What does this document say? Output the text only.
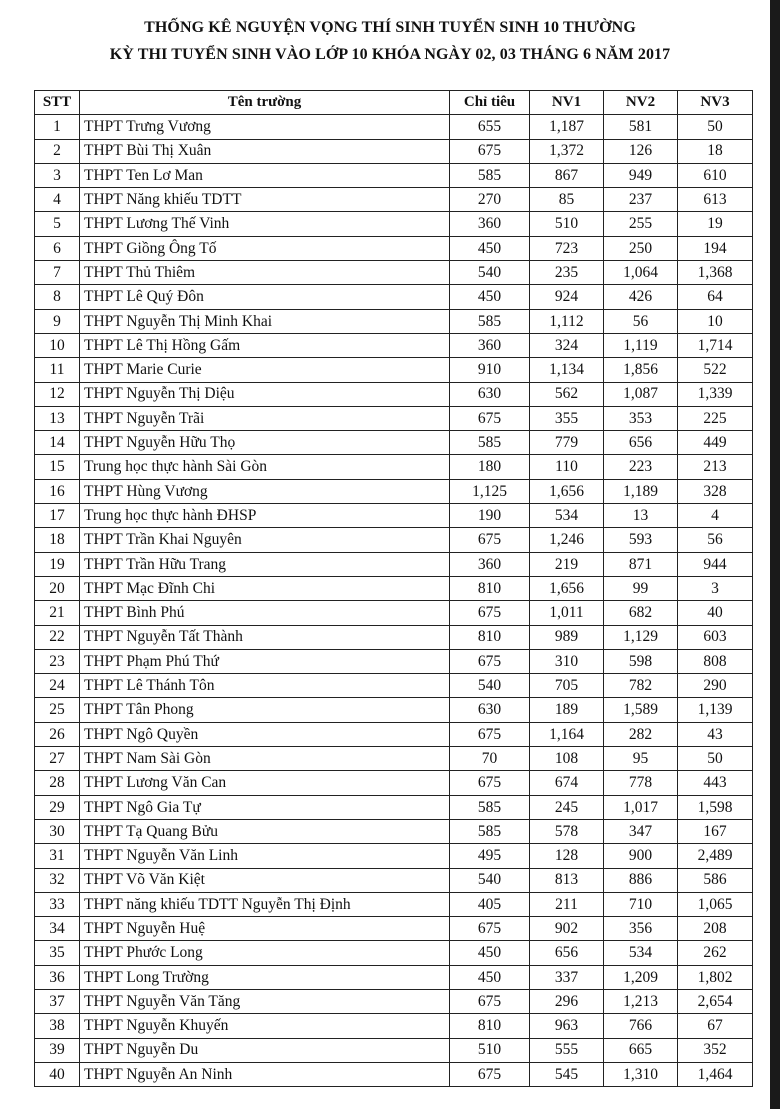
THỐNG KÊ NGUYỆN VỌNG THÍ SINH TUYỂN SINH 10 THƯỜNG
KỲ THI TUYỂN SINH VÀO LỚP 10 KHÓA NGÀY 02, 03 THÁNG 6 NĂM 2017
STT	Tên trường	Chỉ tiêu	NV1	NV2	NV3
1	THPT Trưng Vương	655	1,187	581	50
2	THPT Bùi Thị Xuân	675	1,372	126	18
3	THPT Ten Lơ Man	585	867	949	610
4	THPT Năng khiếu TDTT	270	85	237	613
5	THPT Lương Thế Vinh	360	510	255	19
6	THPT Giồng Ông Tố	450	723	250	194
7	THPT Thủ Thiêm	540	235	1,064	1,368
8	THPT Lê Quý Đôn	450	924	426	64
9	THPT Nguyễn Thị Minh Khai	585	1,112	56	10
10	THPT Lê Thị Hồng Gấm	360	324	1,119	1,714
11	THPT Marie Curie	910	1,134	1,856	522
12	THPT Nguyễn Thị Diệu	630	562	1,087	1,339
13	THPT Nguyễn Trãi	675	355	353	225
14	THPT Nguyễn Hữu Thọ	585	779	656	449
15	Trung học thực hành Sài Gòn	180	110	223	213
16	THPT Hùng Vương	1,125	1,656	1,189	328
17	Trung học thực hành ĐHSP	190	534	13	4
18	THPT Trần Khai Nguyên	675	1,246	593	56
19	THPT Trần Hữu Trang	360	219	871	944
20	THPT Mạc Đĩnh Chi	810	1,656	99	3
21	THPT Bình Phú	675	1,011	682	40
22	THPT Nguyễn Tất Thành	810	989	1,129	603
23	THPT Phạm Phú Thứ	675	310	598	808
24	THPT Lê Thánh Tôn	540	705	782	290
25	THPT Tân Phong	630	189	1,589	1,139
26	THPT Ngô Quyền	675	1,164	282	43
27	THPT Nam Sài Gòn	70	108	95	50
28	THPT Lương Văn Can	675	674	778	443
29	THPT Ngô Gia Tự	585	245	1,017	1,598
30	THPT Tạ Quang Bửu	585	578	347	167
31	THPT Nguyễn Văn Linh	495	128	900	2,489
32	THPT Võ Văn Kiệt	540	813	886	586
33	THPT năng khiếu TDTT Nguyễn Thị Định	405	211	710	1,065
34	THPT Nguyễn Huệ	675	902	356	208
35	THPT Phước Long	450	656	534	262
36	THPT Long Trường	450	337	1,209	1,802
37	THPT Nguyễn Văn Tăng	675	296	1,213	2,654
38	THPT Nguyễn Khuyến	810	963	766	67
39	THPT Nguyễn Du	510	555	665	352
40	THPT Nguyễn An Ninh	675	545	1,310	1,464
